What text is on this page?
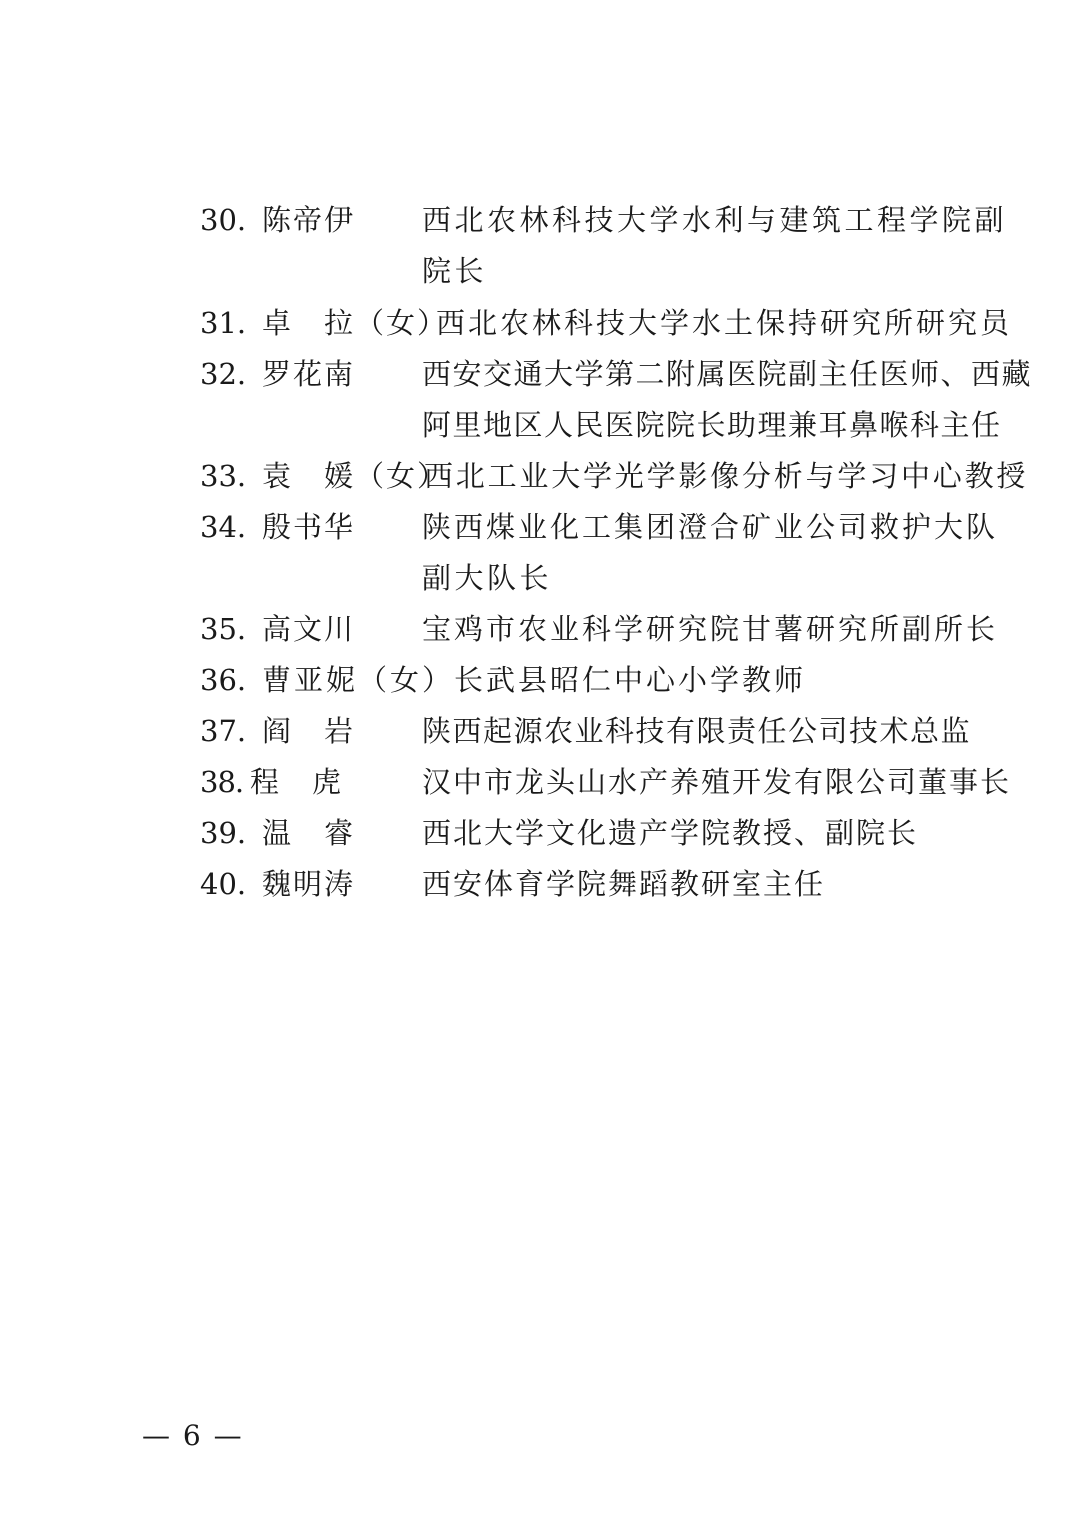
30. 陈帝伊 西北农林科技大学水利与建筑工程学院副
院长
31. 卓　拉（女）
西北农林科技大学水土保持研究所研究员
32. 罗花南 西安交通大学第二附属医院副主任医师、西藏
阿里地区人民医院院长助理兼耳鼻喉科主任
33. 袁　媛（女）
西北工业大学光学影像分析与学习中心教授
34. 殷书华 陕西煤业化工集团澄合矿业公司救护大队
副大队长
35. 高文川 宝鸡市农业科学研究院甘薯研究所副所长
36. 曹亚妮（女）长武县昭仁中心小学教师
37. 阎　岩 陕西起源农业科技有限责任公司技术总监
38. 程　虎	汉中市龙头山水产养殖开发有限公司董事长
39. 温　睿 西北大学文化遗产学院教授、副院长
40. 魏明涛 西安体育学院舞蹈教研室主任
— 6 —
